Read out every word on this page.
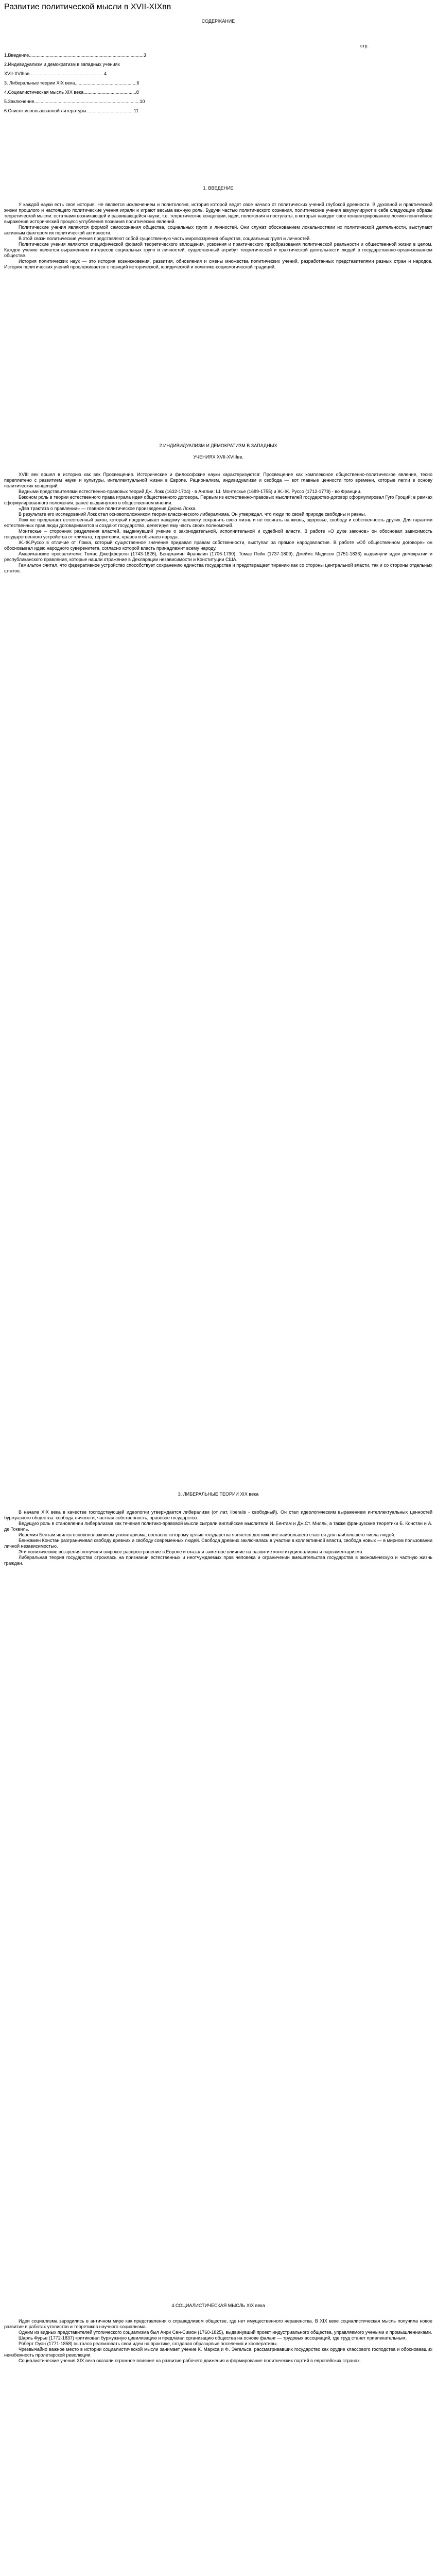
Развитие политической мысли в XVII-XIXвв
СОДЕРЖАНИЕ
стр.
1.Введение.........................................................................................3
2.Индивидуализм и демократизм в западных учениях
XVII-XVIIIвв..........................................................4
3. Либеральные теории XIX века................................................6
4.Социалистическая мысль XIX века.........................................8
5.Заключение..................................................................................10
6.Список использованной литературы.....................................11
1. ВВЕДЕНИЕ

У каждой науки есть своя история. Не является исключением и политология, история которой ведет свое начало от политических учений глубокой древности. В духовной и практической жизни прошлого и настоящего политические учения играли и играют весьма важную роль. Будучи частью политического сознания, политические учения аккумулируют в себе следующие образы теоретической мысли: остатками возникающей и развивающейся науки, т.е. теоретические концепции, идеи, положения и постулаты, в которых находит свое концентрированное логико-понятийное выражение исторический процесс углубления познания политических явлений.

Политические учения являются формой самосознания общества, социальных групп и личностей. Они служат обоснованием локальностями их политической деятельности, выступают активным фактором их политической активности.

В этой связи политические учения представляют собой существенную часть мировоззрения общества, социальных групп и личностей.

Политические учения являются специфической формой теоретического вплощения, усвоения и практического преобразования политической реальности и общественной жизни в целом. Каждое учение является выражением интересов социальных групп и личностей, существенный атрибут теоретической и практической деятельности людей в государственно-организованном обществе.

История политических наук — это история возникновения, развития, обновления и смены множества политических учений, разработанных представителями разных стран и народов. История политических учений прослеживается с позиций исторической, юридической и политико-социологической традиций.

2.ИНДИВИДУАЛИЗМ И ДЕМОКРАТИЗМ В ЗАПАДНЫХ
УЧЕНИЯХ XVII-XVIIIвв.

XVIII век вошел в историю как век Просвещения. Исторические и философские науки характеризуются: Просвещение как комплексное общественно-политическое явление, тесно переплетено с развитием науки и культуры, интеллектуальной жизни в Европе. Рационализм, индивидуализм и свобода — вот главные ценности того времени, которые легли в основу политических концепций.

Видными представителями естественно-правовых теорий Дж. Локк (1632-1704) - в Англии; Ш. Монтескье (1689-1755) и Ж.-Ж. Руссо (1712-1778) - во Франции.

Бэконом роль в теории естественного права играла идея общественного договора. Первым из естественно-правовых мыслителей государство-договор сформулировал Гуго Гроций; в рамках сформулированного положения, ранее выдвинутого в общественном мнении.

«Два трактата о правлении» — главное политическое произведение Джона Локка.

В результате его исследований Локк стал основоположником теории классического либерализма. Он утверждал, что люди по своей природе свободны и равны.

Локк же предлагает естественный закон, который предписывает каждому человеку сохранять свою жизнь и не посягать на жизнь, здоровье, свободу и собственность других. Для гарантии естественных прав люди договариваются и создают государство, делегируя ему часть своих полномочий.

Монтескье – сторонник разделения властей, выдвинувший учение о законодательной, исполнительной и судебной власти. В работе «О духе законов» он обосновал зависимость государственного устройства от климата, территории, нравов и обычаев народа.

Ж.-Ж.Руссо в отличие от Локка, который существенное значение придавал правам собственности, выступал за прямое народовластие. В работе «Об общественном договоре» он обосновывал идею народного суверенитета, согласно которой власть принадлежит всему народу.

Американские просветители: Томас Джефферсон (1743-1826), Бенджамин Франклин (1706-1790), Томас Пейн (1737-1809), Джеймс Мэдисон (1751-1836) выдвинули идеи демократии и республиканского правления, которые нашли отражение в Декларации независимости и Конституции США.

Гамильтон считал, что федеративное устройство способствует сохранению единства государства и предотвращает тиранию как со стороны центральной власти, так и со стороны отдельных штатов.

3. ЛИБЕРАЛЬНЫЕ ТЕОРИИ XIX века

В начале XIX века в качестве господствующей идеологии утверждается либерализм (от лат. liberalis - свободный). Он стал идеологическим выражением интеллектуальных ценностей буржуазного общества: свобода личности, частная собственность, правовое государство.

Ведущую роль в становлении либерализма как течения политико-правовой мысли сыграли английские мыслители И. Бентам и Дж.Ст. Милль, а также французские теоретики Б. Констан и А. де Токвиль.

Иеремия Бентам явился основоположником утилитаризма, согласно которому целью государства является достижение наибольшего счастья для наибольшего числа людей.

Бенжамен Констан разграничивал свободу древних и свободу современных людей. Свобода древних заключалась в участии в коллективной власти, свобода новых — в мирном пользовании личной независимостью.

Эти политические воззрения получили широкое распространение в Европе и оказали заметное влияние на развитие конституционализма и парламентаризма.

Либеральная теория государства строилась на признании естественных и неотчуждаемых прав человека и ограничении вмешательства государства в экономическую и частную жизнь граждан.

4.СОЦИАЛИСТИЧЕСКАЯ МЫСЛЬ XIX века

Идеи социализма зародились в античном мире как представления о справедливом обществе, где нет имущественного неравенства. В XIX веке социалистическая мысль получила новое развитие в работах утопистов и теоретиков научного социализма.

Одним из видных представителей утопического социализма был Анри Сен-Симон (1760-1825), выдвинувший проект индустриального общества, управляемого учеными и промышленниками.

Шарль Фурье (1772-1837) критиковал буржуазную цивилизацию и предлагал организацию общества на основе фаланг — трудовых ассоциаций, где труд станет привлекательным.

Роберт Оуэн (1771-1858) пытался реализовать свои идеи на практике, создавая образцовые поселения и кооперативы.

Чрезвычайно важное место в истории социалистической мысли занимает учение К. Маркса и Ф. Энгельса, рассматривавших государство как орудие классового господства и обосновавших неизбежность пролетарской революции.

Социалистические учения XIX века оказали огромное влияние на развитие рабочего движения и формирование политических партий в европейских странах.
